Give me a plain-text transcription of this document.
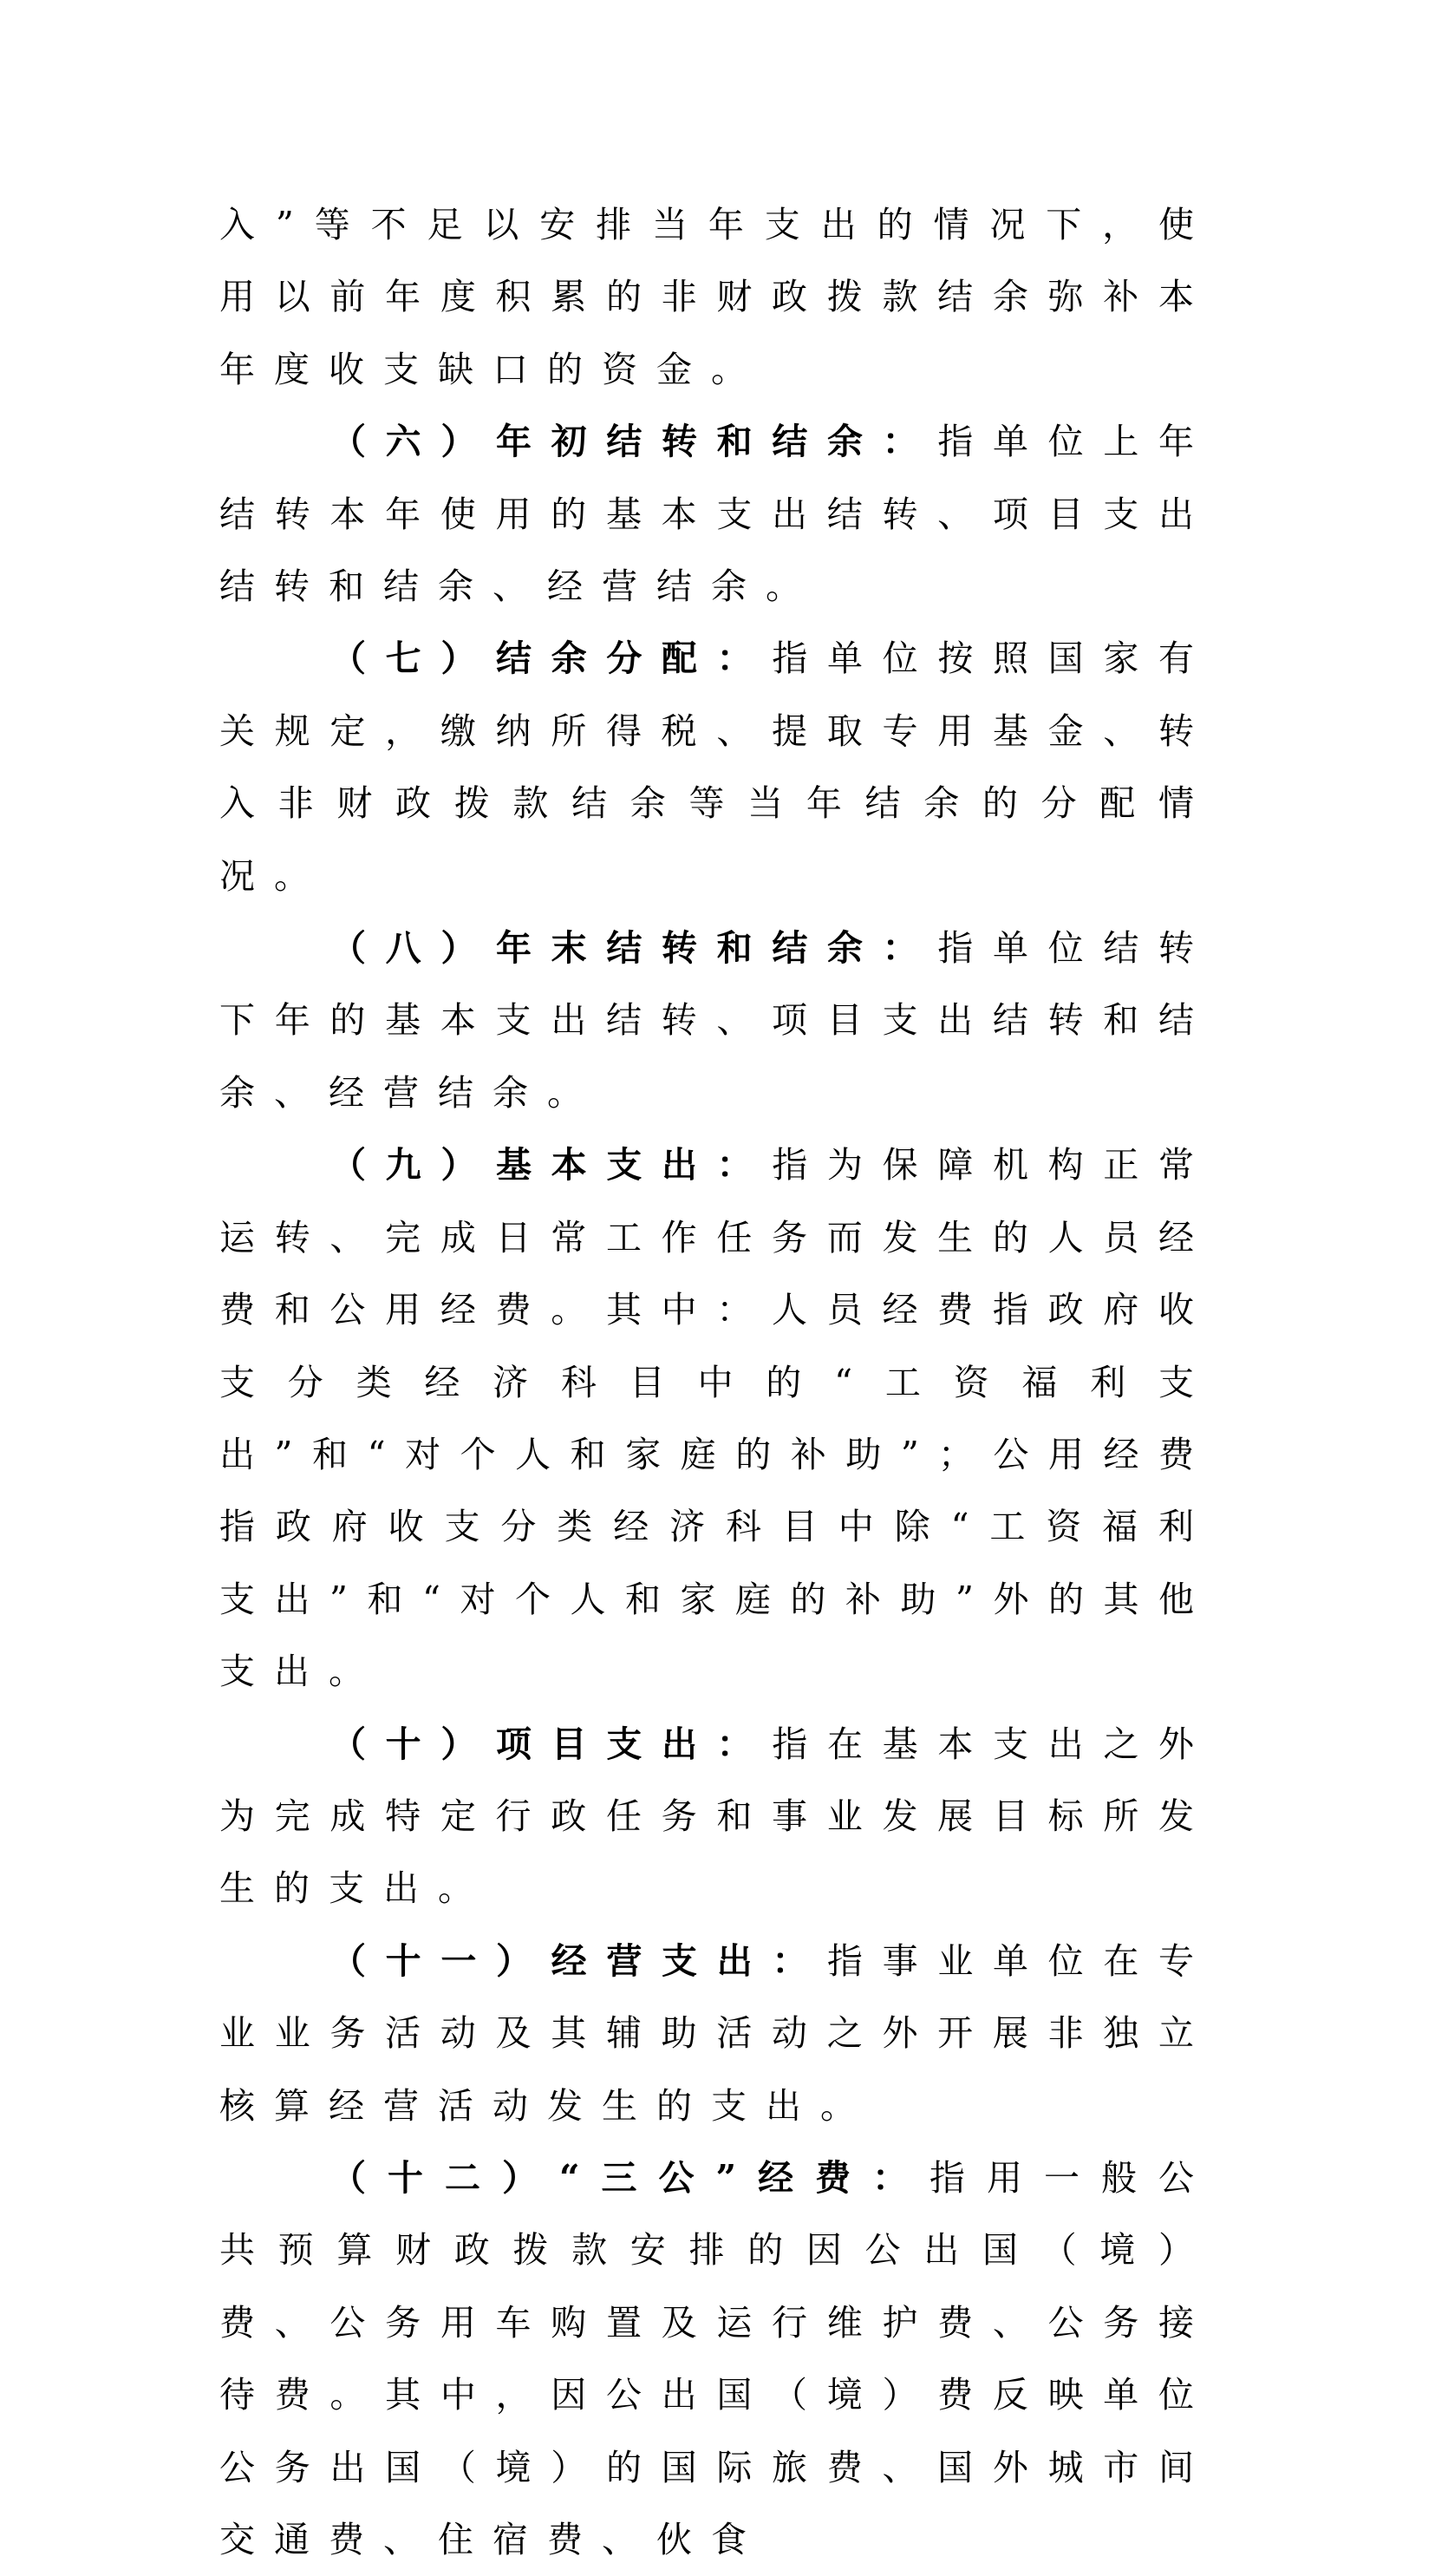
入”等不足以安排当年支出的情况下，使用以前年度积累的非财政拨款结余弥补本年度收支缺口的资金。

（六）年初结转和结余：指单位上年结转本年使用的基本支出结转、项目支出结转和结余、经营结余。

（七）结余分配：指单位按照国家有关规定，缴纳所得税、提取专用基金、转入非财政拨款结余等当年结余的分配情况。

（八）年末结转和结余：指单位结转下年的基本支出结转、项目支出结转和结余、经营结余。

（九）基本支出：指为保障机构正常运转、完成日常工作任务而发生的人员经费和公用经费。其中：人员经费指政府收支分类经济科目中的“工资福利支出”和“对个人和家庭的补助”；公用经费指政府收支分类经济科目中除“工资福利支出”和“对个人和家庭的补助”外的其他支出。

（十）项目支出：指在基本支出之外为完成特定行政任务和事业发展目标所发生的支出。

（十一）经营支出：指事业单位在专业业务活动及其辅助活动之外开展非独立核算经营活动发生的支出。

（十二）“三公”经费：指用一般公共预算财政拨款安排的因公出国（境）费、公务用车购置及运行维护费、公务接待费。其中，因公出国（境）费反映单位公务出国（境）的国际旅费、国外城市间交通费、住宿费、伙食
